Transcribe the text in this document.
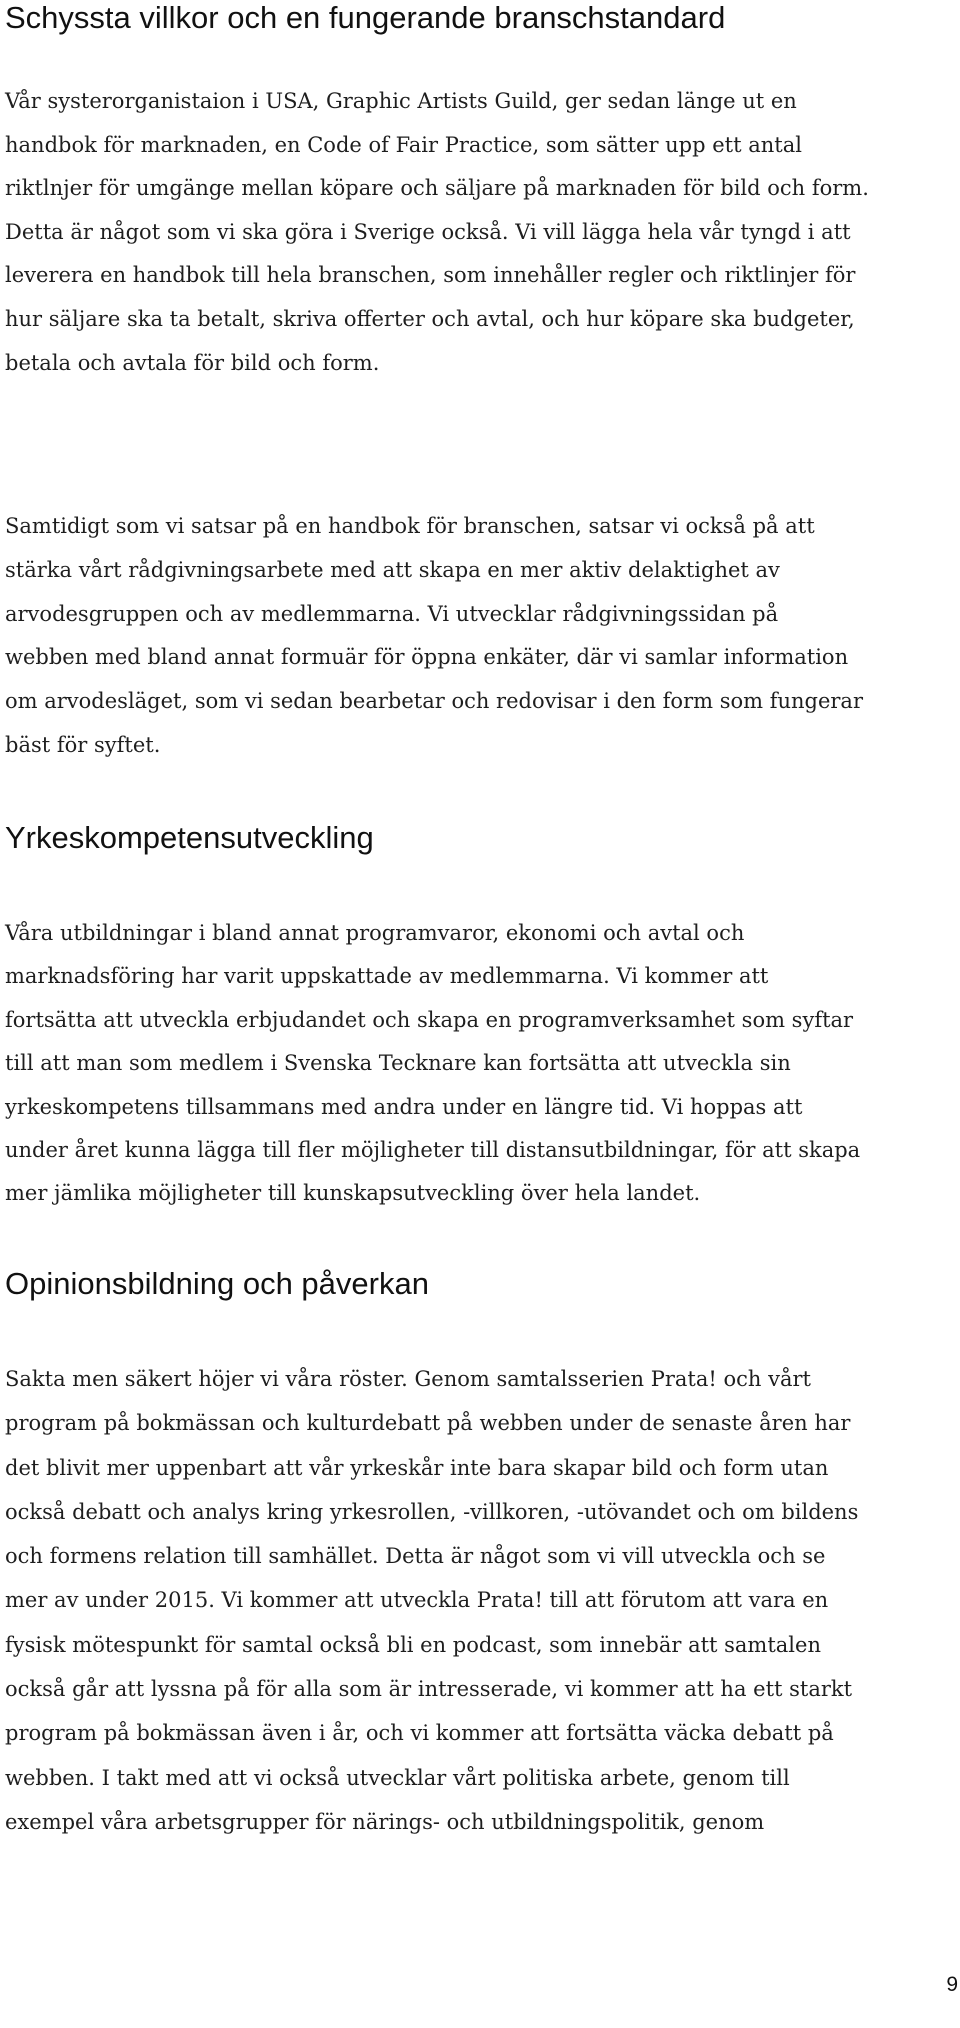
Schyssta villkor och en fungerande branschstandard

Vår systerorganistaion i USA, Graphic Artists Guild, ger sedan länge ut en
handbok för marknaden, en Code of Fair Practice, som sätter upp ett antal
riktlnjer för umgänge mellan köpare och säljare på marknaden för bild och form.
Detta är något som vi ska göra i Sverige också. Vi vill lägga hela vår tyngd i att
leverera en handbok till hela branschen, som innehåller regler och riktlinjer för
hur säljare ska ta betalt, skriva offerter och avtal, och hur köpare ska budgeter,
betala och avtala för bild och form.

Samtidigt som vi satsar på en handbok för branschen, satsar vi också på att
stärka vårt rådgivningsarbete med att skapa en mer aktiv delaktighet av
arvodesgruppen och av medlemmarna. Vi utvecklar rådgivningssidan på
webben med bland annat formuär för öppna enkäter, där vi samlar information
om arvodesläget, som vi sedan bearbetar och redovisar i den form som fungerar
bäst för syftet.

Yrkeskompetensutveckling

Våra utbildningar i bland annat programvaror, ekonomi och avtal och
marknadsföring har varit uppskattade av medlemmarna. Vi kommer att
fortsätta att utveckla erbjudandet och skapa en programverksamhet som syftar
till att man som medlem i Svenska Tecknare kan fortsätta att utveckla sin
yrkeskompetens tillsammans med andra under en längre tid. Vi hoppas att
under året kunna lägga till fler möjligheter till distansutbildningar, för att skapa
mer jämlika möjligheter till kunskapsutveckling över hela landet.

Opinionsbildning och påverkan

Sakta men säkert höjer vi våra röster. Genom samtalsserien Prata! och vårt
program på bokmässan och kulturdebatt på webben under de senaste åren har
det blivit mer uppenbart att vår yrkeskår inte bara skapar bild och form utan
också debatt och analys kring yrkesrollen, -villkoren, -utövandet och om bildens
och formens relation till samhället. Detta är något som vi vill utveckla och se
mer av under 2015. Vi kommer att utveckla Prata! till att förutom att vara en
fysisk mötespunkt för samtal också bli en podcast, som innebär att samtalen
också går att lyssna på för alla som är intresserade, vi kommer att ha ett starkt
program på bokmässan även i år, och vi kommer att fortsätta väcka debatt på
webben. I takt med att vi också utvecklar vårt politiska arbete, genom till
exempel våra arbetsgrupper för närings- och utbildningspolitik, genom

9
